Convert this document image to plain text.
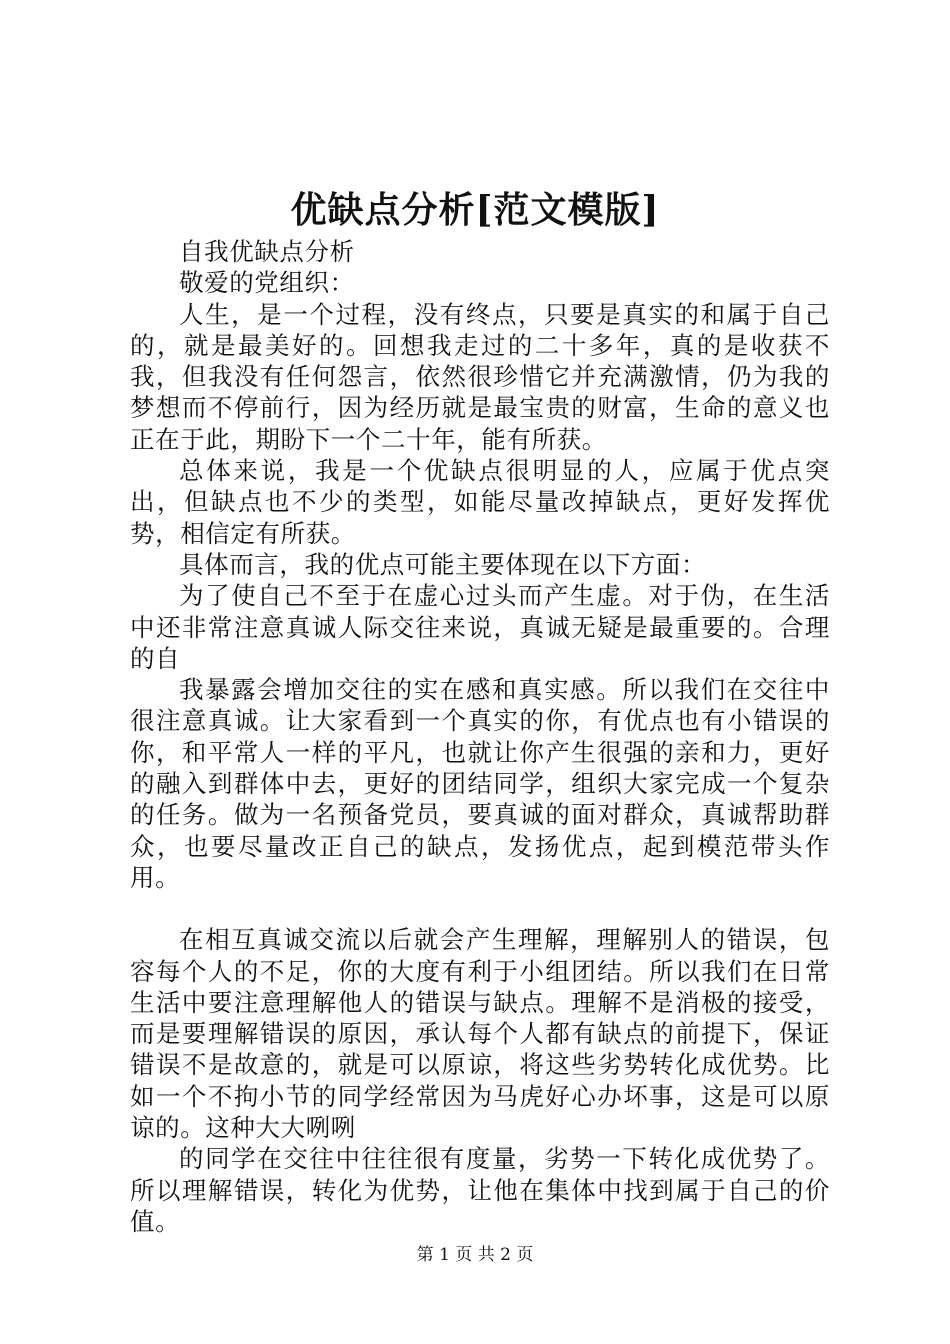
优缺点分析[范文模版]

自我优缺点分析

敬爱的党组织：

人生，是一个过程，没有终点，只要是真实的和属于自己的，就是最美好的。回想我走过的二十多年，真的是收获不我，但我没有任何怨言，依然很珍惜它并充满激情，仍为我的梦想而不停前行，因为经历就是最宝贵的财富，生命的意义也正在于此，期盼下一个二十年，能有所获。

总体来说，我是一个优缺点很明显的人，应属于优点突出，但缺点也不少的类型，如能尽量改掉缺点，更好发挥优势，相信定有所获。

具体而言，我的优点可能主要体现在以下方面：

为了使自己不至于在虚心过头而产生虚。对于伪，在生活中还非常注意真诚人际交往来说，真诚无疑是最重要的。合理的自

我暴露会增加交往的实在感和真实感。所以我们在交往中很注意真诚。让大家看到一个真实的你，有优点也有小错误的你，和平常人一样的平凡，也就让你产生很强的亲和力，更好的融入到群体中去，更好的团结同学，组织大家完成一个复杂的任务。做为一名预备党员，要真诚的面对群众，真诚帮助群众，也要尽量改正自己的缺点，发扬优点，起到模范带头作用。

在相互真诚交流以后就会产生理解，理解别人的错误，包容每个人的不足，你的大度有利于小组团结。所以我们在日常生活中要注意理解他人的错误与缺点。理解不是消极的接受，而是要理解错误的原因，承认每个人都有缺点的前提下，保证错误不是故意的，就是可以原谅，将这些劣势转化成优势。比如一个不拘小节的同学经常因为马虎好心办坏事，这是可以原谅的。这种大大咧咧

的同学在交往中往往很有度量，劣势一下转化成优势了。所以理解错误，转化为优势，让他在集体中找到属于自己的价值。

第 1 页 共 2 页
